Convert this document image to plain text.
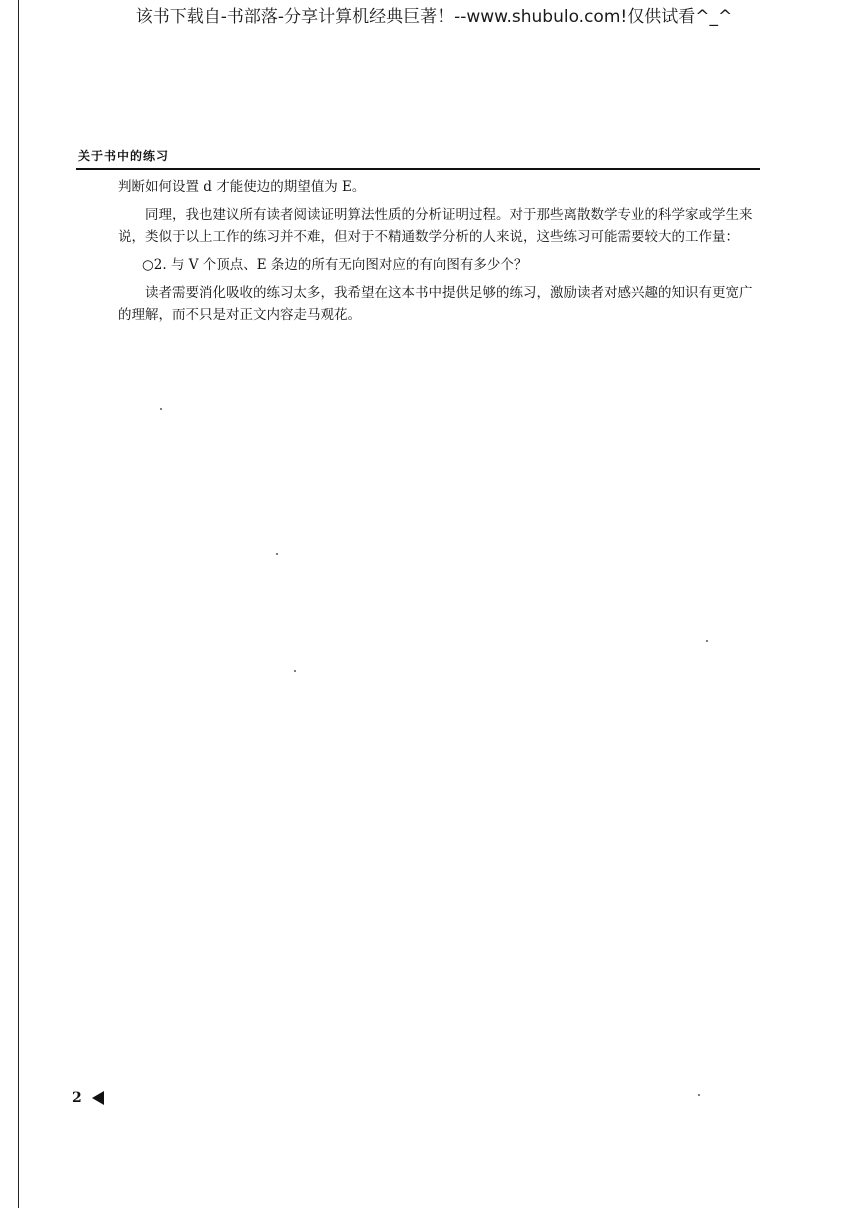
该书下载自-书部落-分享计算机经典巨著！--www.shubulo.com!仅供试看^_^
关于书中的练习

判断如何设置 d 才能使边的期望值为 E。

同理，我也建议所有读者阅读证明算法性质的分析证明过程。对于那些离散数学专业的科学家或学生来说，类似于以上工作的练习并不难，但对于不精通数学分析的人来说，这些练习可能需要较大的工作量：

○2. 与 V 个顶点、E 条边的所有无向图对应的有向图有多少个？

读者需要消化吸收的练习太多，我希望在这本书中提供足够的练习，激励读者对感兴趣的知识有更宽广的理解，而不只是对正文内容走马观花。

2
